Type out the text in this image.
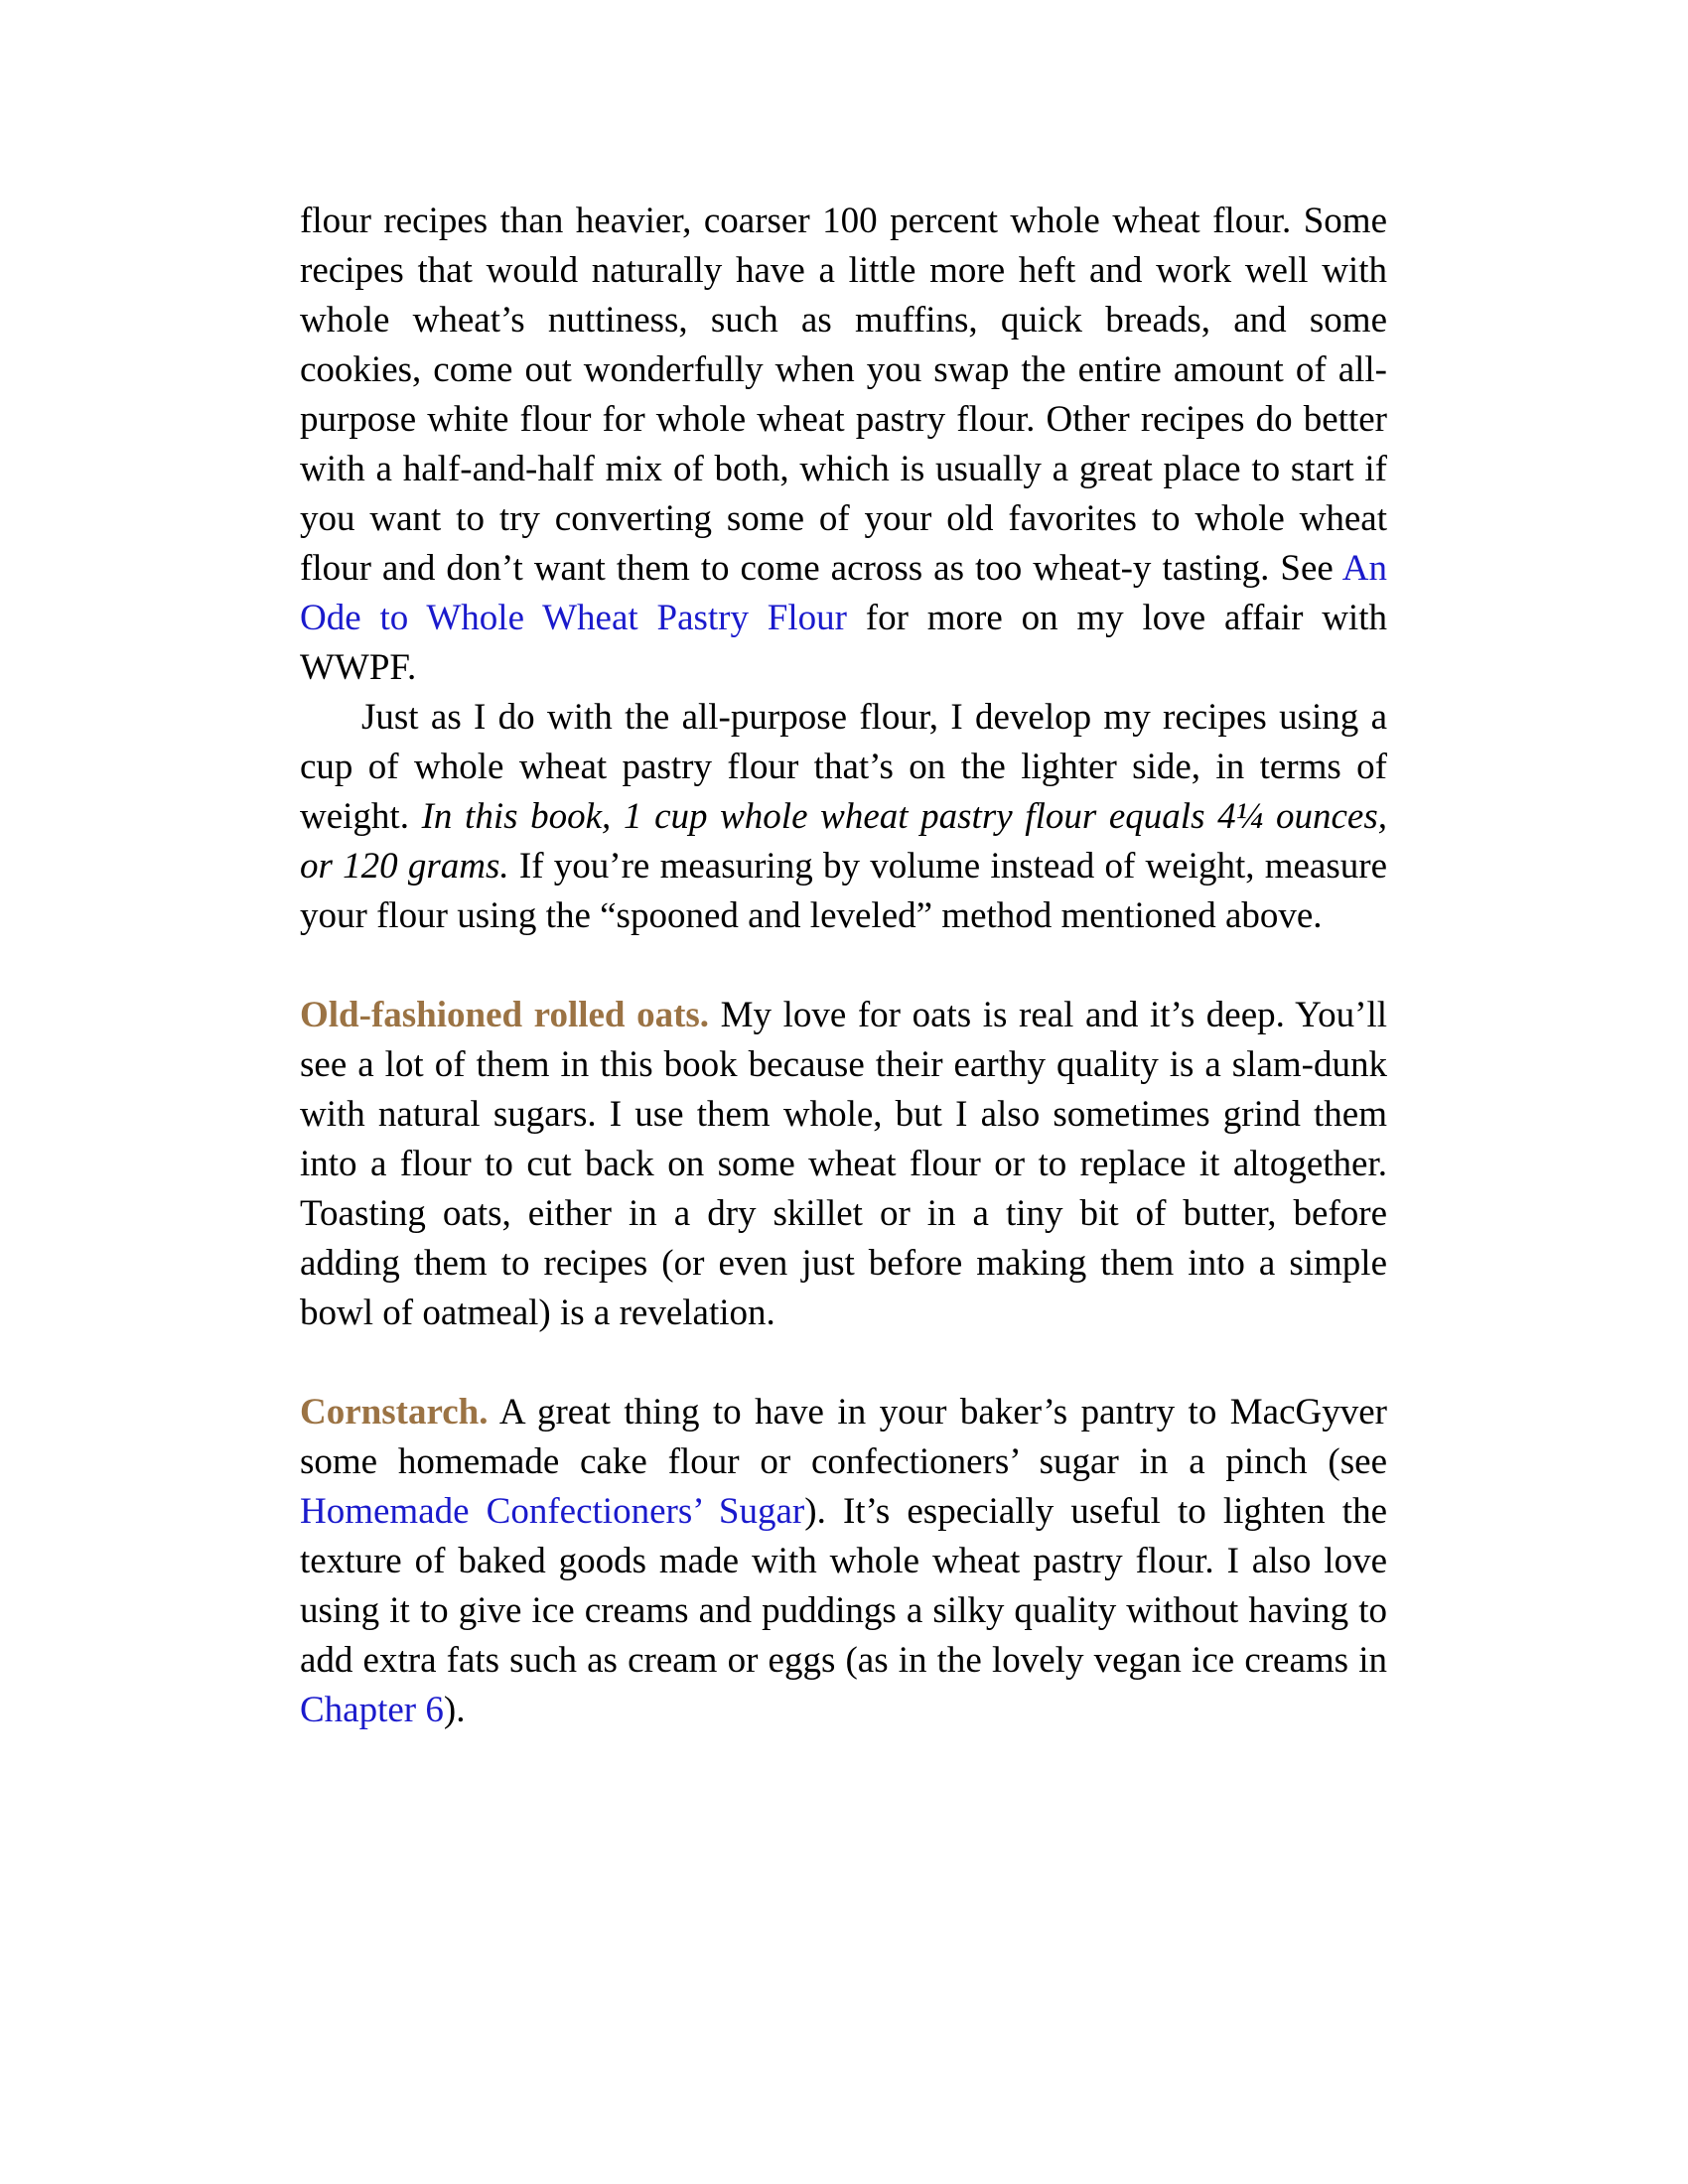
flour recipes than heavier, coarser 100 percent whole wheat flour. Some recipes that would naturally have a little more heft and work well with whole wheat’s nuttiness, such as muffins, quick breads, and some cookies, come out wonderfully when you swap the entire amount of all-purpose white flour for whole wheat pastry flour. Other recipes do better with a half-and-half mix of both, which is usually a great place to start if you want to try converting some of your old favorites to whole wheat flour and don’t want them to come across as too wheat-y tasting. See An Ode to Whole Wheat Pastry Flour for more on my love affair with WWPF.

Just as I do with the all-purpose flour, I develop my recipes using a cup of whole wheat pastry flour that’s on the lighter side, in terms of weight. In this book, 1 cup whole wheat pastry flour equals 4¼ ounces, or 120 grams. If you’re measuring by volume instead of weight, measure your flour using the “spooned and leveled” method mentioned above.

Old-fashioned rolled oats. My love for oats is real and it’s deep. You’ll see a lot of them in this book because their earthy quality is a slam-dunk with natural sugars. I use them whole, but I also sometimes grind them into a flour to cut back on some wheat flour or to replace it altogether. Toasting oats, either in a dry skillet or in a tiny bit of butter, before adding them to recipes (or even just before making them into a simple bowl of oatmeal) is a revelation.

Cornstarch. A great thing to have in your baker’s pantry to MacGyver some homemade cake flour or confectioners’ sugar in a pinch (see Homemade Confectioners’ Sugar). It’s especially useful to lighten the texture of baked goods made with whole wheat pastry flour. I also love using it to give ice creams and puddings a silky quality without having to add extra fats such as cream or eggs (as in the lovely vegan ice creams in Chapter 6).
